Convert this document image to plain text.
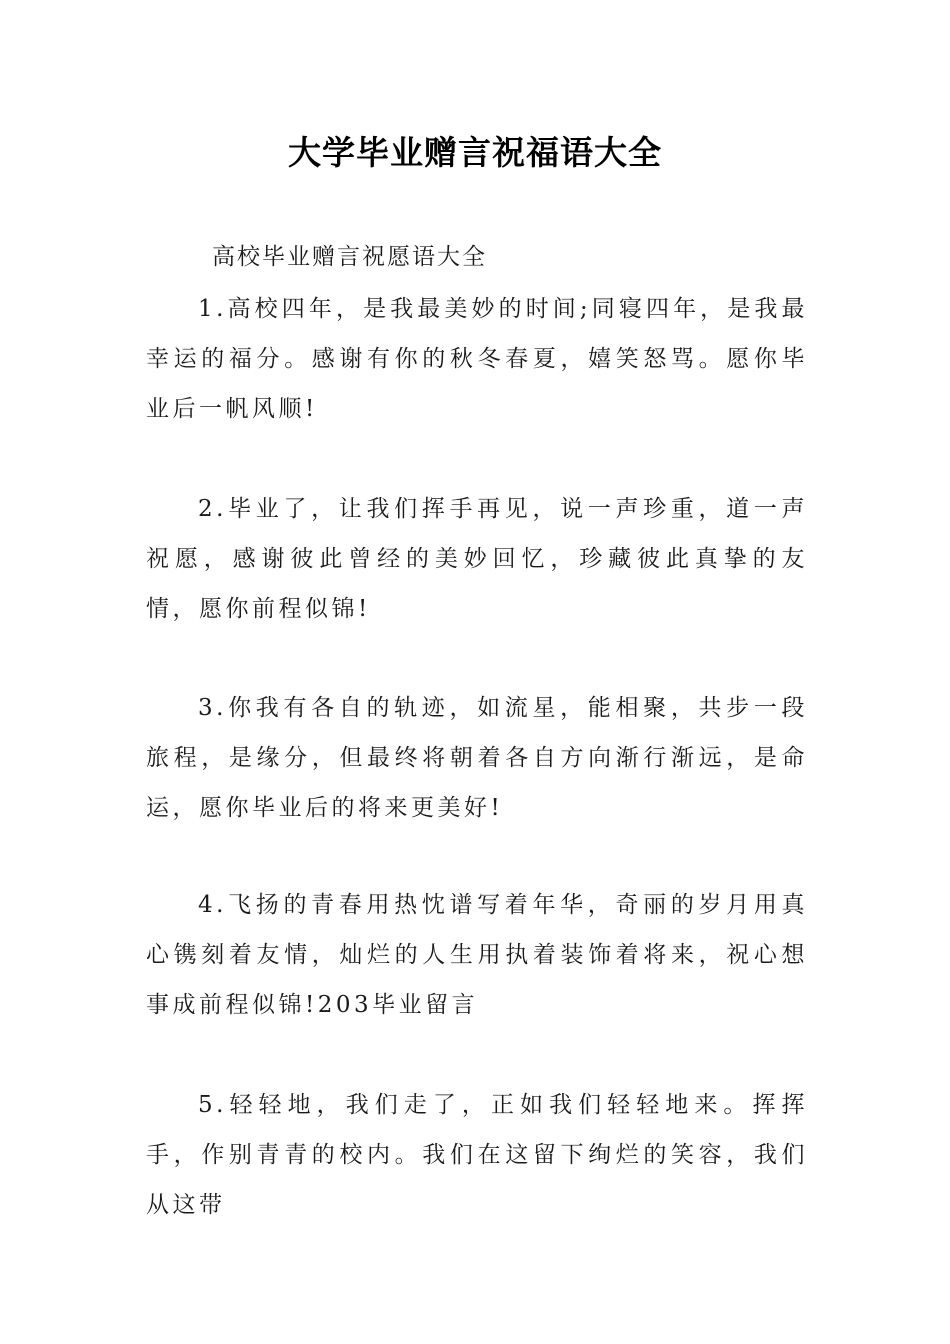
大学毕业赠言祝福语大全
高校毕业赠言祝愿语大全

1.高校四年，是我最美妙的时间;同寝四年，是我最幸运的福分。感谢有你的秋冬春夏，嬉笑怒骂。愿你毕业后一帆风顺!

2.毕业了，让我们挥手再见，说一声珍重，道一声祝愿，感谢彼此曾经的美妙回忆，珍藏彼此真挚的友情，愿你前程似锦!

3.你我有各自的轨迹，如流星，能相聚，共步一段旅程，是缘分，但最终将朝着各自方向渐行渐远，是命运，愿你毕业后的将来更美好!

4.飞扬的青春用热忱谱写着年华，奇丽的岁月用真心镌刻着友情，灿烂的人生用执着装饰着将来，祝心想事成前程似锦!203毕业留言

5.轻轻地，我们走了，正如我们轻轻地来。挥挥手，作别青青的校内。我们在这留下绚烂的笑容，我们从这带
